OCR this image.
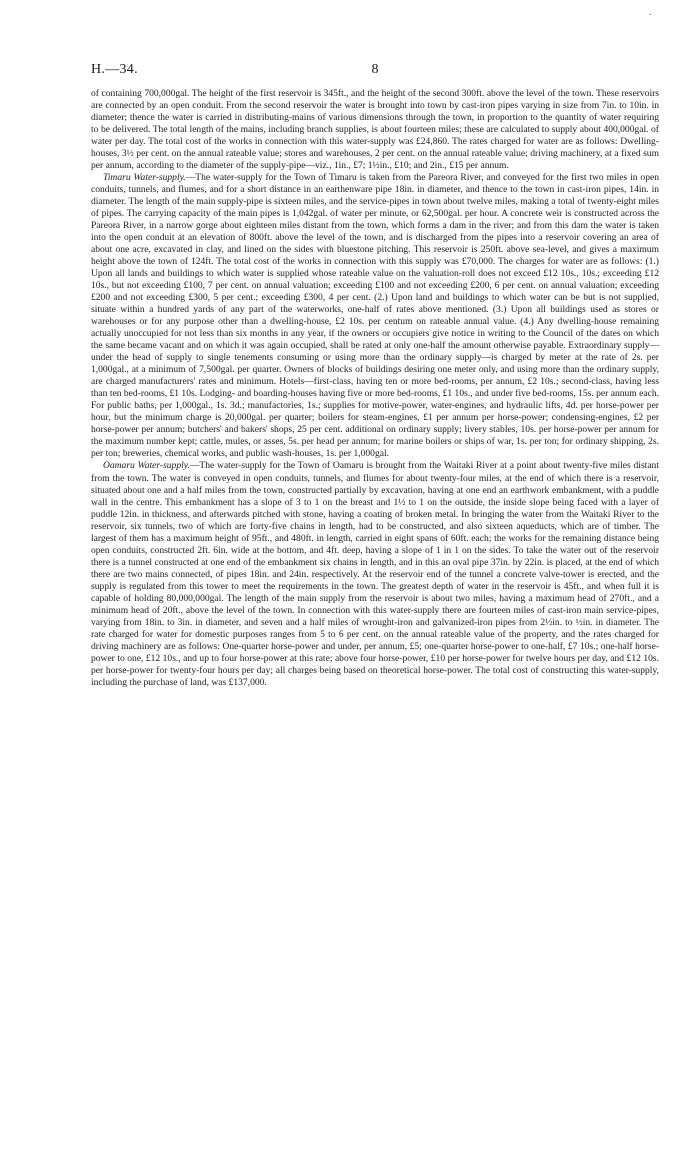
H.—34.	8

of containing 700,000gal. The height of the first reservoir is 345ft., and the height of the second 300ft. above the level of the town. These reservoirs are connected by an open conduit. From the second reservoir the water is brought into town by cast-iron pipes varying in size from 7in. to 10in. in diameter; thence the water is carried in distributing-mains of various dimensions through the town, in proportion to the quantity of water requiring to be delivered. The total length of the mains, including branch supplies, is about fourteen miles; these are calculated to supply about 400,000gal. of water per day. The total cost of the works in connection with this water-supply was £24,860. The rates charged for water are as follows: Dwelling-houses, 3½ per cent. on the annual rateable value; stores and warehouses, 2 per cent. on the annual rateable value; driving machinery, at a fixed sum per annum, according to the diameter of the supply-pipe—viz., 1in., £7; 1½in., £10; and 2in., £15 per annum.

Timaru Water-supply.—The water-supply for the Town of Timaru is taken from the Pareora River, and conveyed for the first two miles in open conduits, tunnels, and flumes, and for a short distance in an earthenware pipe 18in. in diameter, and thence to the town in cast-iron pipes, 14in. in diameter. The length of the main supply-pipe is sixteen miles, and the service-pipes in town about twelve miles, making a total of twenty-eight miles of pipes. The carrying capacity of the main pipes is 1,042gal. of water per minute, or 62,500gal. per hour. A concrete weir is constructed across the Pareora River, in a narrow gorge about eighteen miles distant from the town, which forms a dam in the river; and from this dam the water is taken into the open conduit at an elevation of 800ft. above the level of the town, and is discharged from the pipes into a reservoir covering an area of about one acre, excavated in clay, and lined on the sides with bluestone pitching. This reservoir is 250ft. above sea-level, and gives a maximum height above the town of 124ft. The total cost of the works in connection with this supply was £70,000. The charges for water are as follows: (1.) Upon all lands and buildings to which water is supplied whose rateable value on the valuation-roll does not exceed £12 10s., 10s.; exceeding £12 10s., but not exceeding £100, 7 per cent. on annual valuation; exceeding £100 and not exceeding £200, 6 per cent. on annual valuation; exceeding £200 and not exceeding £300, 5 per cent.; exceeding £300, 4 per cent. (2.) Upon land and buildings to which water can be but is not supplied, situate within a hundred yards of any part of the waterworks, one-half of rates above mentioned. (3.) Upon all buildings used as stores or warehouses or for any purpose other than a dwelling-house, £2 10s. per centum on rateable annual value. (4.) Any dwelling-house remaining actually unoccupied for not less than six months in any year, if the owners or occupiers give notice in writing to the Council of the dates on which the same became vacant and on which it was again occupied, shall be rated at only one-half the amount otherwise payable. Extraordinary supply—under the head of supply to single tenements consuming or using more than the ordinary supply—is charged by meter at the rate of 2s. per 1,000gal., at a minimum of 7,500gal. per quarter. Owners of blocks of buildings desiring one meter only, and using more than the ordinary supply, are charged manufacturers' rates and minimum. Hotels—first-class, having ten or more bed-rooms, per annum, £2 10s.; second-class, having less than ten bed-rooms, £1 10s. Lodging- and boarding-houses having five or more bed-rooms, £1 10s., and under five bed-rooms, 15s. per annum each. For public baths, per 1,000gal., 1s. 3d.; manufactories, 1s.; supplies for motive-power, water-engines, and hydraulic lifts, 4d. per horse-power per hour, but the minimum charge is 20,000gal. per quarter; boilers for steam-engines, £1 per annum per horse-power; condensing-engines, £2 per horse-power per annum; butchers' and bakers' shops, 25 per cent. additional on ordinary supply; livery stables, 10s. per horse-power per annum for the maximum number kept; cattle, mules, or asses, 5s. per head per annum; for marine boilers or ships of war, 1s. per ton; for ordinary shipping, 2s. per ton; breweries, chemical works, and public wash-houses, 1s. per 1,000gal.

Oamaru Water-supply.—The water-supply for the Town of Oamaru is brought from the Waitaki River at a point about twenty-five miles distant from the town. The water is conveyed in open conduits, tunnels, and flumes for about twenty-four miles, at the end of which there is a reservoir, situated about one and a half miles from the town, constructed partially by excavation, having at one end an earthwork embankment, with a puddle wall in the centre. This embankment has a slope of 3 to 1 on the breast and 1½ to 1 on the outside, the inside slope being faced with a layer of puddle 12in. in thickness, and afterwards pitched with stone, having a coating of broken metal. In bringing the water from the Waitaki River to the reservoir, six tunnels, two of which are forty-five chains in length, had to be constructed, and also sixteen aqueducts, which are of timber. The largest of them has a maximum height of 95ft., and 480ft. in length, carried in eight spans of 60ft. each; the works for the remaining distance being open conduits, constructed 2ft. 6in. wide at the bottom, and 4ft. deep, having a slope of 1 in 1 on the sides. To take the water out of the reservoir there is a tunnel constructed at one end of the embankment six chains in length, and in this an oval pipe 37in. by 22in. is placed, at the end of which there are two mains connected, of pipes 18in. and 24in. respectively. At the reservoir end of the tunnel a concrete valve-tower is erected, and the supply is regulated from this tower to meet the requirements in the town. The greatest depth of water in the reservoir is 45ft., and when full it is capable of holding 80,000,000gal. The length of the main supply from the reservoir is about two miles, having a maximum head of 270ft., and a minimum head of 20ft., above the level of the town. In connection with this water-supply there are fourteen miles of cast-iron main service-pipes, varying from 18in. to 3in. in diameter, and seven and a half miles of wrought-iron and galvanized-iron pipes from 2½in. to ½in. in diameter. The rate charged for water for domestic purposes ranges from 5 to 6 per cent. on the annual rateable value of the property, and the rates charged for driving machinery are as follows: One-quarter horse-power and under, per annum, £5; one-quarter horse-power to one-half, £7 10s.; one-half horse-power to one, £12 10s., and up to four horse-power at this rate; above four horse-power, £10 per horse-power for twelve hours per day, and £12 10s. per horse-power for twenty-four hours per day; all charges being based on theoretical horse-power. The total cost of constructing this water-supply, including the purchase of land, was £137,000.

·
